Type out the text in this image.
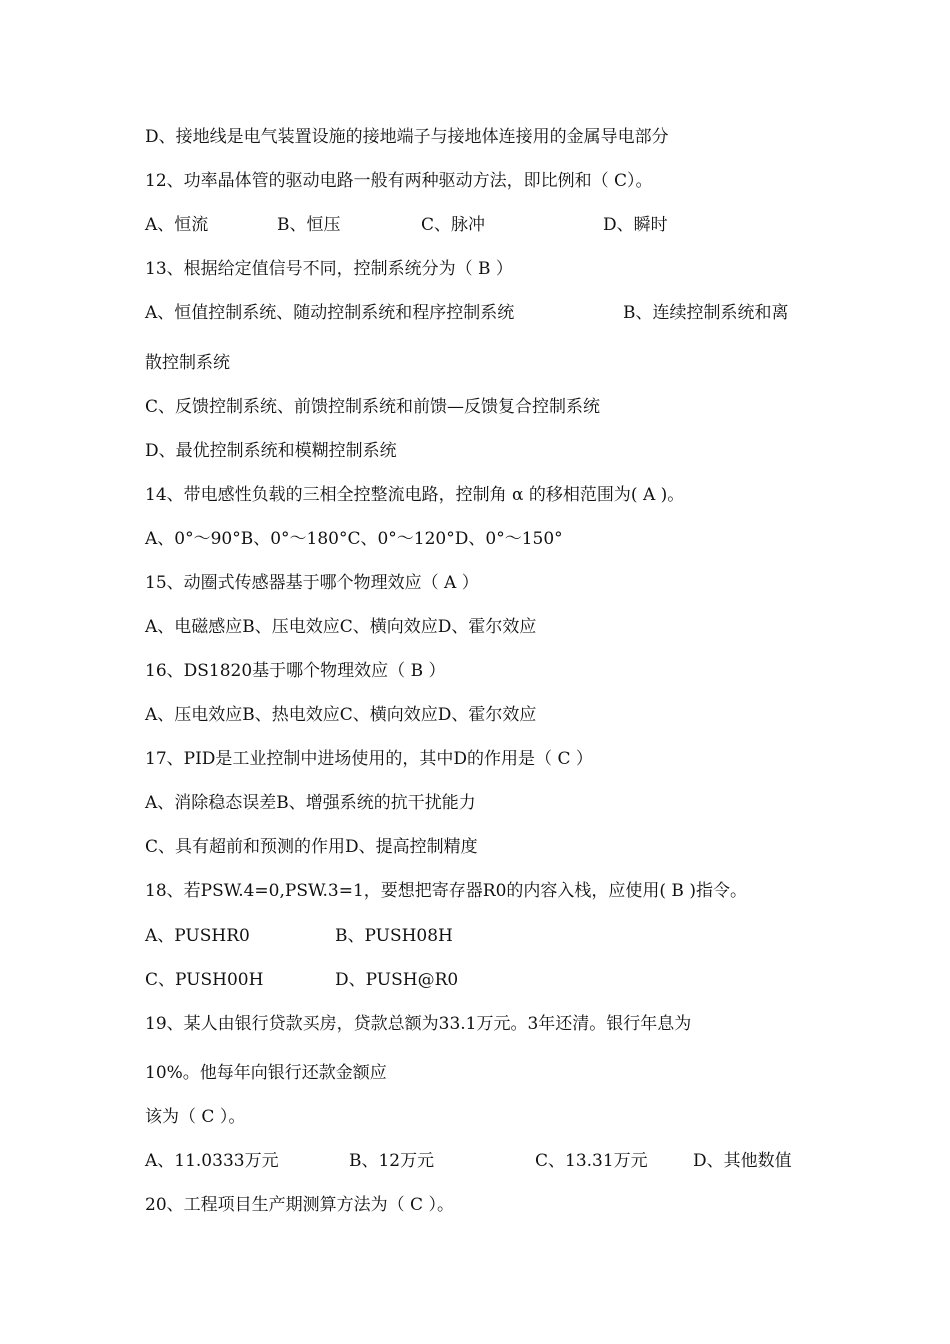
D、接地线是电气装置设施的接地端子与接地体连接用的金属导电部分
12、功率晶体管的驱动电路一般有两种驱动方法，即比例和（ C）。
A、恒流	B、恒压	C、脉冲	D、瞬时
13、根据给定值信号不同，控制系统分为（ B ）
A、恒值控制系统、随动控制系统和程序控制系统	B、连续控制系统和离
散控制系统
C、反馈控制系统、前馈控制系统和前馈—反馈复合控制系统
D、最优控制系统和模糊控制系统
14、带电感性负载的三相全控整流电路，控制角 α 的移相范围为( A )。
A、0°～90°B、0°～180°C、0°～120°D、0°～150°
15、动圈式传感器基于哪个物理效应（ A ）
A、电磁感应B、压电效应C、横向效应D、霍尔效应
16、DS1820基于哪个物理效应（ B ）
A、压电效应B、热电效应C、横向效应D、霍尔效应
17、PID是工业控制中进场使用的，其中D的作用是（ C ）
A、消除稳态误差B、增强系统的抗干扰能力
C、具有超前和预测的作用D、提高控制精度
18、若PSW.4=0,PSW.3=1，要想把寄存器R0的内容入栈，应使用( B )指令。
A、PUSHR0	B、PUSH08H
C、PUSH00H	D、PUSH@R0
19、某人由银行贷款买房，贷款总额为33.1万元。3年还清。银行年息为
10%。他每年向银行还款金额应
该为（ C ）。
A、11.0333万元	B、12万元	C、13.31万元	D、其他数值
20、工程项目生产期测算方法为（ C ）。
